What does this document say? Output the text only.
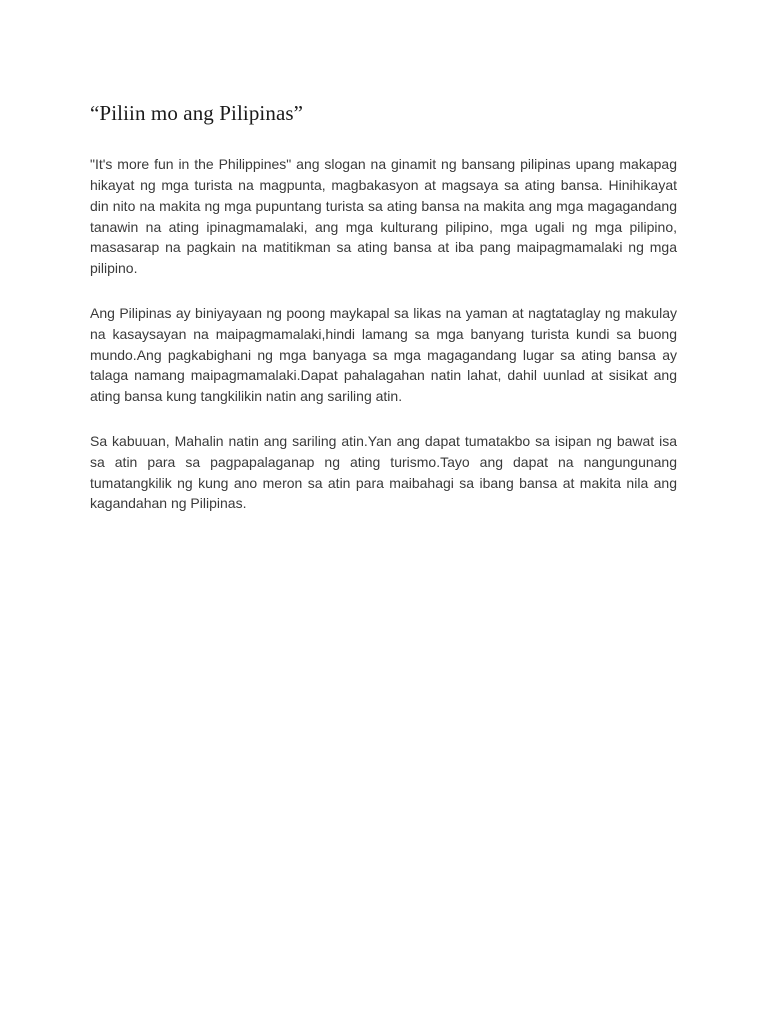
“Piliin mo ang Pilipinas”

"It's more fun in the Philippines" ang slogan na ginamit ng bansang pilipinas upang makapag hikayat ng mga turista na magpunta, magbakasyon at magsaya sa ating bansa. Hinihikayat din nito na makita ng mga pupuntang turista sa ating bansa na makita ang mga magagandang tanawin na ating ipinagmamalaki, ang mga kulturang pilipino, mga ugali ng mga pilipino, masasarap na pagkain na matitikman sa ating bansa at iba pang maipagmamalaki ng mga pilipino.

Ang Pilipinas ay biniyayaan ng poong maykapal sa likas na yaman at nagtataglay ng makulay na kasaysayan na maipagmamalaki,hindi lamang sa mga banyang turista kundi sa buong mundo.Ang pagkabighani ng mga banyaga sa mga magagandang lugar sa ating bansa ay talaga namang maipagmamalaki.Dapat pahalagahan natin lahat, dahil uunlad at sisikat ang ating bansa kung tangkilikin natin ang sariling atin.

Sa kabuuan, Mahalin natin ang sariling atin.Yan ang dapat tumatakbo sa isipan ng bawat isa sa atin para sa pagpapalaganap ng ating turismo.Tayo ang dapat na nangungunang tumatangkilik ng kung ano meron sa atin para maibahagi sa ibang bansa at makita nila ang kagandahan ng Pilipinas.
